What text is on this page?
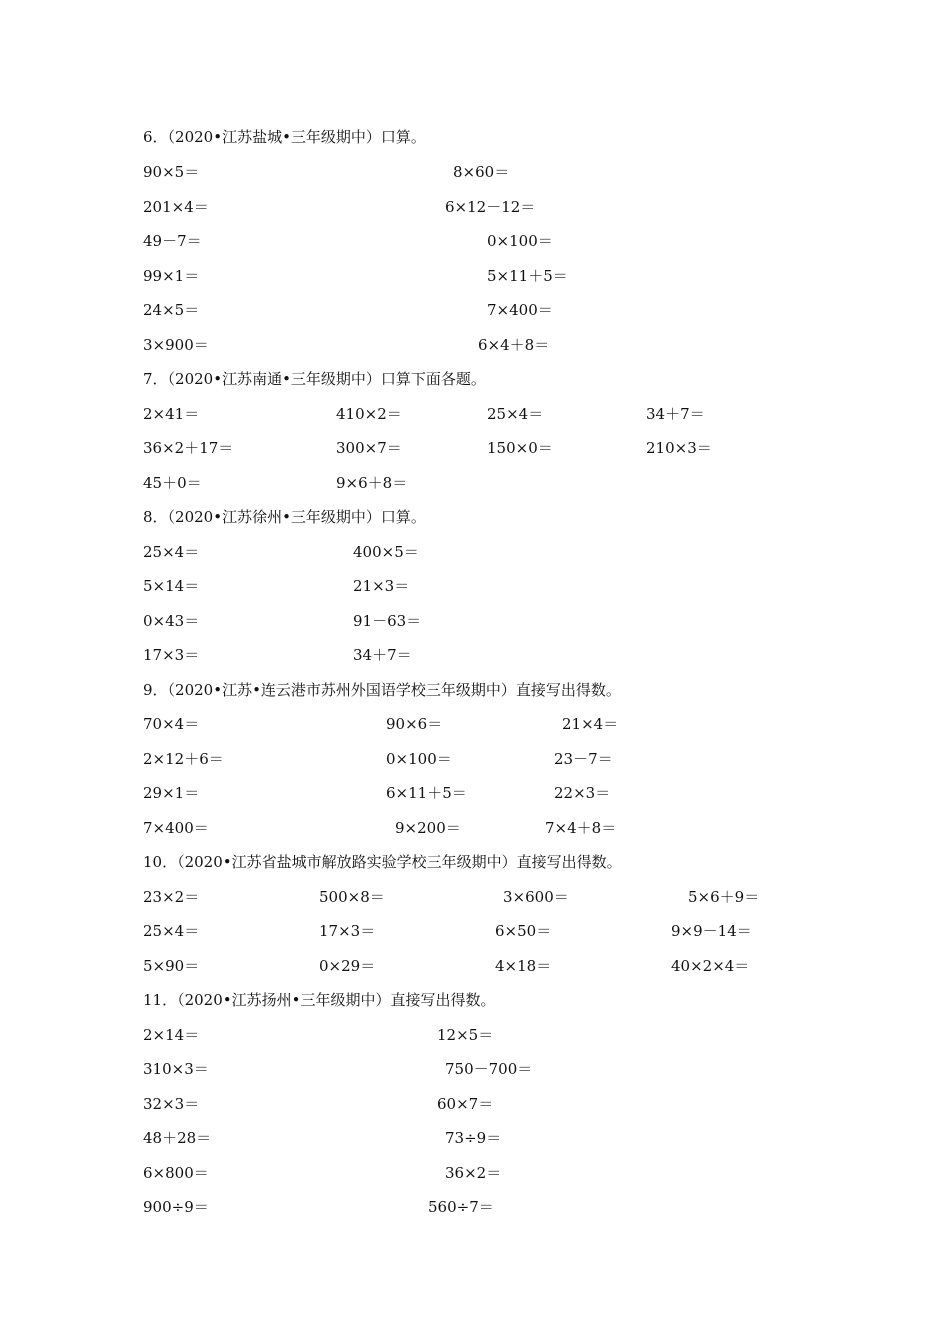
6．（2020•江苏盐城•三年级期中）口算。
90×5＝	8×60＝
201×4＝	6×12－12＝
49－7＝	0×100＝
99×1＝	5×11＋5＝
24×5＝	7×400＝
3×900＝	6×4＋8＝
7．（2020•江苏南通•三年级期中）口算下面各题。
2×41＝	410×2＝	25×4＝	34＋7＝
36×2＋17＝	300×7＝	150×0＝	210×3＝
45＋0＝	9×6＋8＝
8．（2020•江苏徐州•三年级期中）口算。
25×4＝	400×5＝
5×14＝	21×3＝
0×43＝	91－63＝
17×3＝	34＋7＝
9．（2020•江苏•连云港市苏州外国语学校三年级期中）直接写出得数。
70×4＝	90×6＝	21×4＝
2×12＋6＝	0×100＝	23－7＝
29×1＝	6×11＋5＝	22×3＝
7×400＝	9×200＝	7×4＋8＝
10．（2020•江苏省盐城市解放路实验学校三年级期中）直接写出得数。
23×2＝	500×8＝	3×600＝	5×6＋9＝
25×4＝	17×3＝	6×50＝	9×9－14＝
5×90＝	0×29＝	4×18＝	40×2×4＝
11．（2020•江苏扬州•三年级期中）直接写出得数。
2×14＝	12×5＝
310×3＝	750－700＝
32×3＝	60×7＝
48＋28＝	73÷9＝
6×800＝	36×2＝
900÷9＝	560÷7＝
